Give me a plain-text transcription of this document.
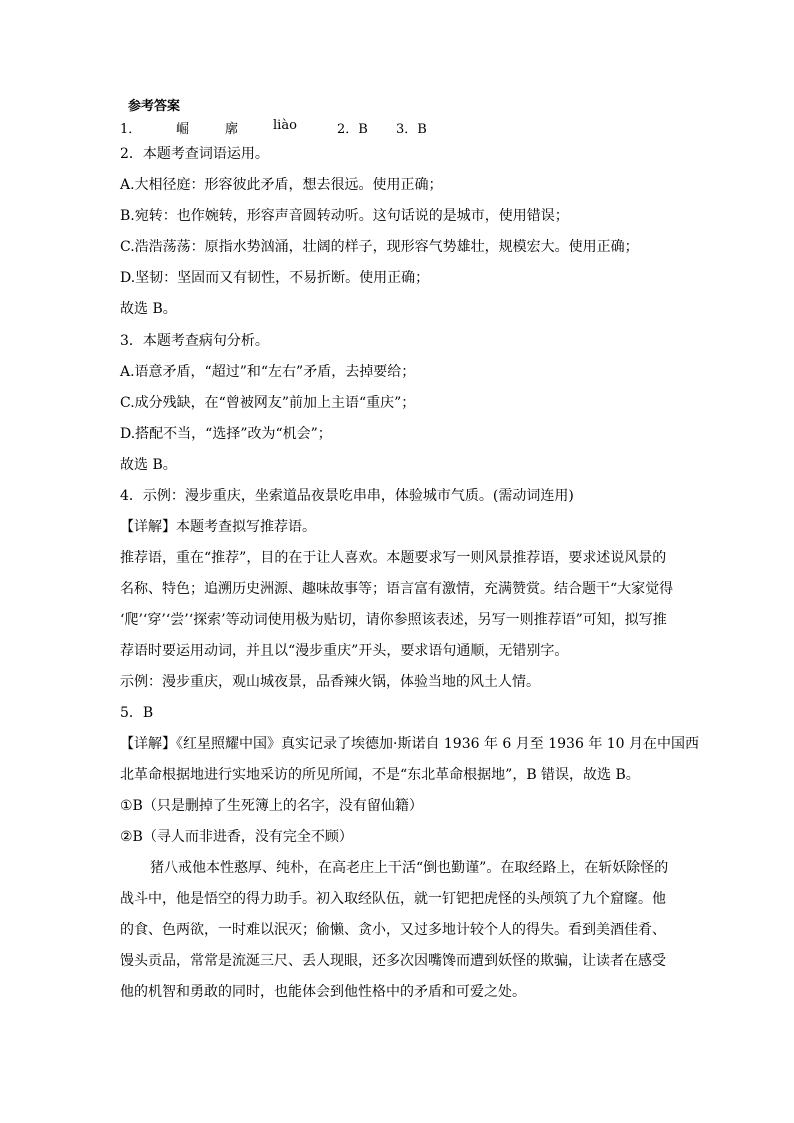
参考答案
1．	崛	廓	liào	2．B 3．B
2．本题考查词语运用。
A.大相径庭：形容彼此矛盾，想去很远。使用正确；
B.宛转：也作婉转，形容声音圆转动听。这句话说的是城市，使用错误；
C.浩浩荡荡：原指水势汹涌，壮阔的样子，现形容气势雄壮，规模宏大。使用正确；
D.坚韧：坚固而又有韧性，不易折断。使用正确；
故选 B。
3．本题考查病句分析。
A.语意矛盾，“超过”和“左右”矛盾，去掉要给；
C.成分残缺，在“曾被网友”前加上主语“重庆”；
D.搭配不当，“选择”改为“机会”；
故选 B。
4．示例：漫步重庆，坐索道品夜景吃串串，体验城市气质。(需动词连用)
【详解】本题考查拟写推荐语。
推荐语，重在“推荐”，目的在于让人喜欢。本题要求写一则风景推荐语，要求述说风景的
名称、特色；追溯历史洲源、趣味故事等；语言富有激情，充满赞赏。结合题干“大家觉得
‘爬’‘穿’‘尝’‘探索’等动词使用极为贴切，请你参照该表述，另写一则推荐语”可知，拟写推
荐语时要运用动词，并且以“漫步重庆”开头，要求语句通顺，无错别字。
示例：漫步重庆，观山城夜景，品香辣火锅，体验当地的风土人情。
5．B
【详解】《红星照耀中国》真实记录了埃德加·斯诺自 1936 年 6 月至 1936 年 10 月在中国西
北革命根据地进行实地采访的所见所闻，不是“东北革命根据地”，B 错误，故选 B。
①B（只是删掉了生死簿上的名字，没有留仙籍）
②B（寻人而非进香，没有完全不顾）
猪八戒他本性憨厚、纯朴，在高老庄上干活“倒也勤谨”。在取经路上，在斩妖除怪的
战斗中，他是悟空的得力助手。初入取经队伍，就一钉钯把虎怪的头颅筑了九个窟窿。他
的食、色两欲，一时难以泯灭；偷懒、贪小，又过多地计较个人的得失。看到美酒佳肴、
馒头贡品，常常是流涎三尺、丢人现眼，还多次因嘴馋而遭到妖怪的欺骗，让读者在感受
他的机智和勇敢的同时，也能体会到他性格中的矛盾和可爱之处。
